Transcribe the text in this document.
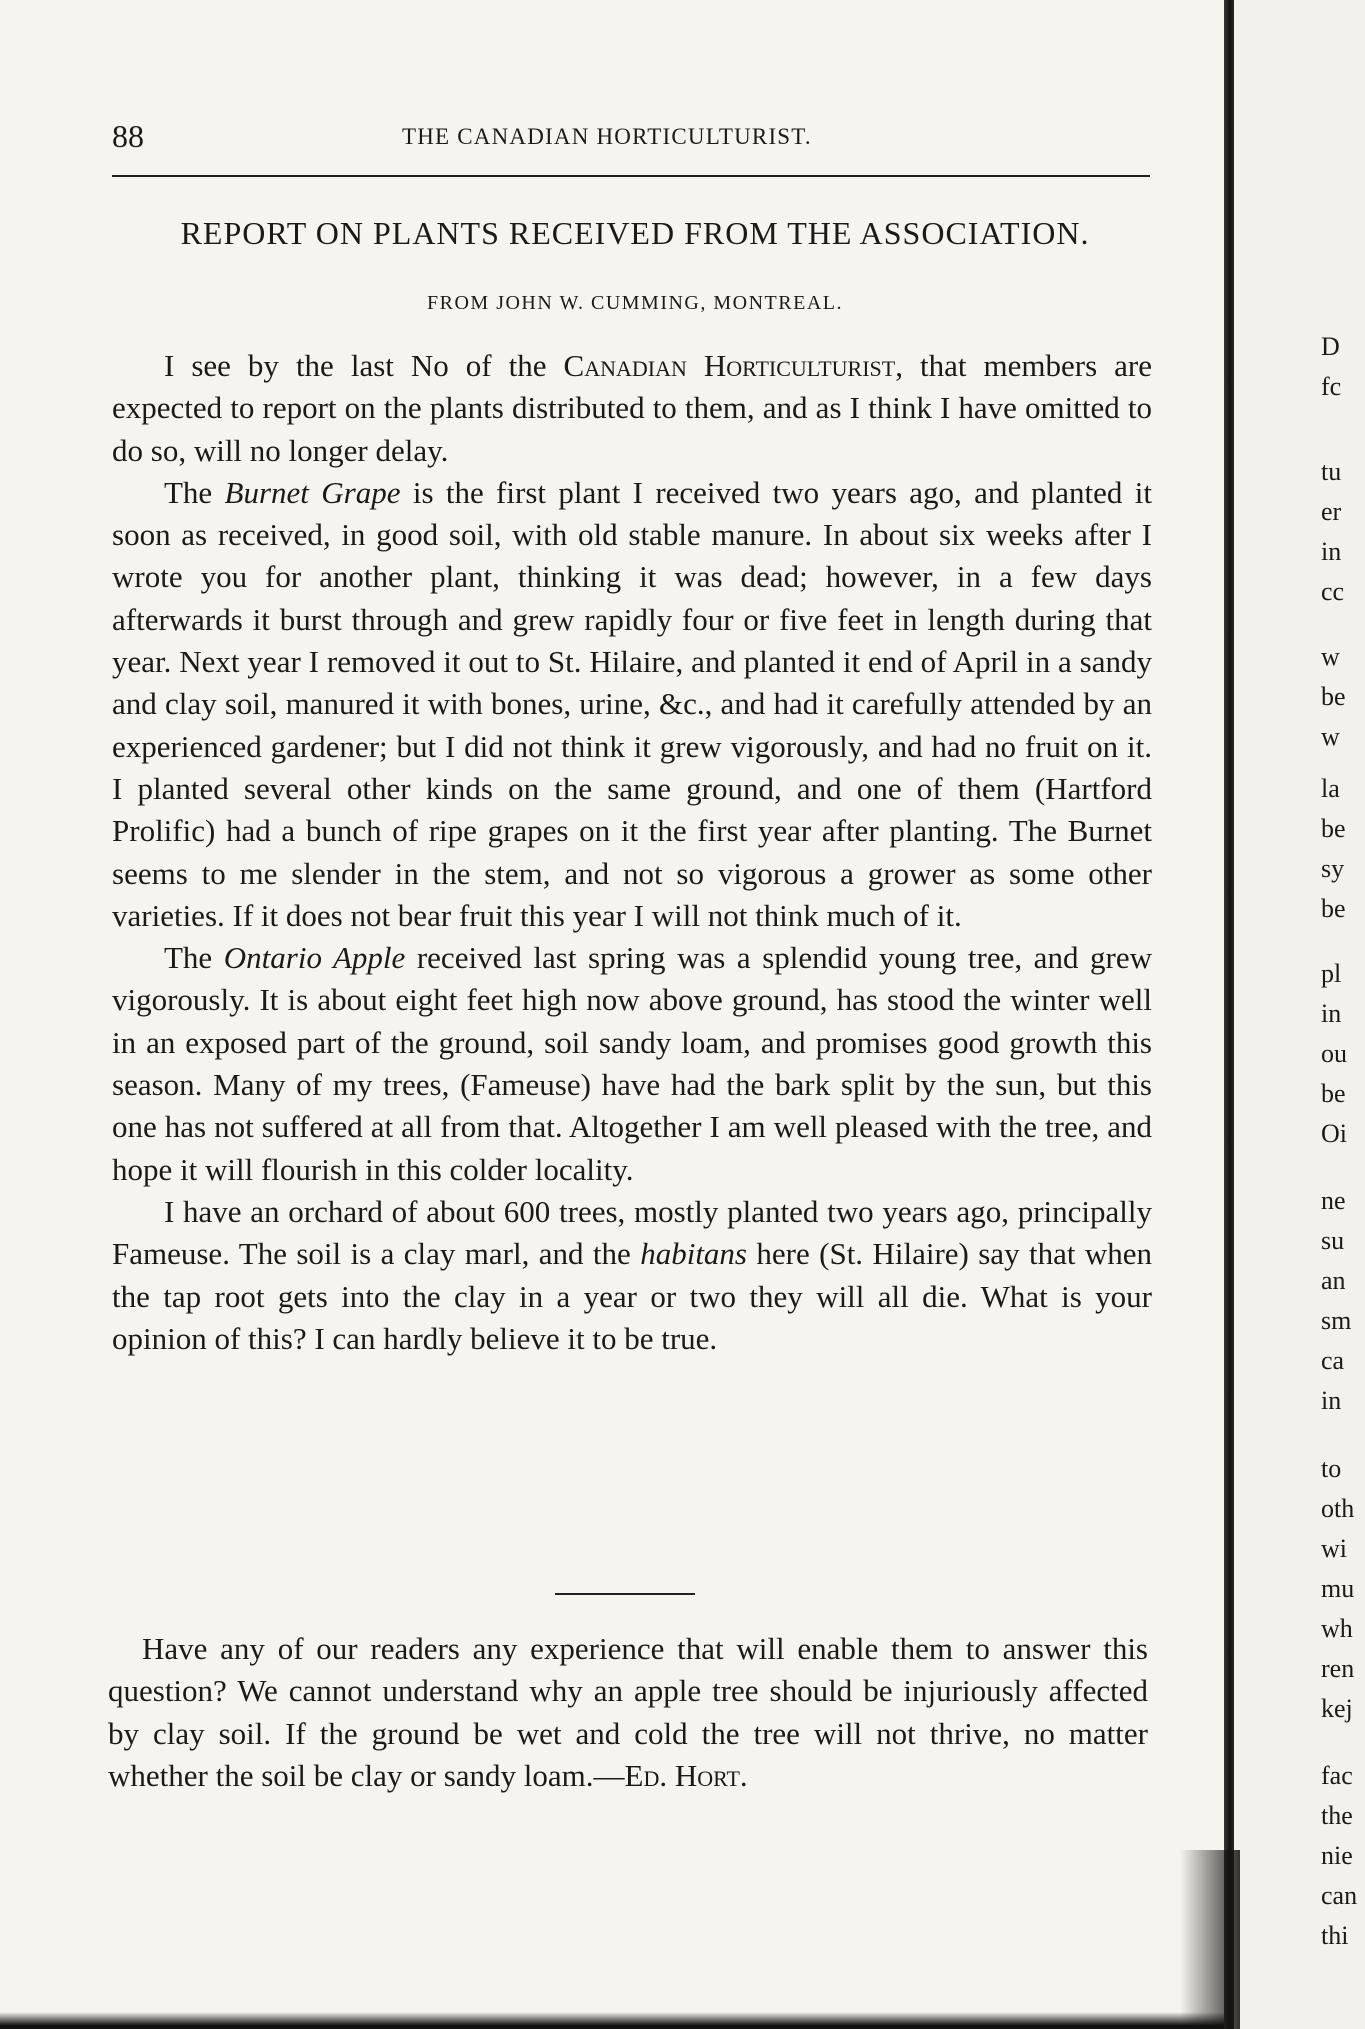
88	THE CANADIAN HORTICULTURIST.
REPORT ON PLANTS RECEIVED FROM THE ASSOCIATION.
FROM JOHN W. CUMMING, MONTREAL.

I see by the last No of the Canadian Horticulturist, that members are expected to report on the plants distributed to them, and as I think I have omitted to do so, will no longer delay.

The Burnet Grape is the first plant I received two years ago, and planted it soon as received, in good soil, with old stable manure. In about six weeks after I wrote you for another plant, thinking it was dead; however, in a few days afterwards it burst through and grew rapidly four or five feet in length during that year. Next year I removed it out to St. Hilaire, and planted it end of April in a sandy and clay soil, manured it with bones, urine, &c., and had it carefully attended by an experienced gardener; but I did not think it grew vigorously, and had no fruit on it. I planted several other kinds on the same ground, and one of them (Hartford Prolific) had a bunch of ripe grapes on it the first year after planting. The Burnet seems to me slender in the stem, and not so vigorous a grower as some other varieties. If it does not bear fruit this year I will not think much of it.

The Ontario Apple received last spring was a splendid young tree, and grew vigorously. It is about eight feet high now above ground, has stood the winter well in an exposed part of the ground, soil sandy loam, and promises good growth this season. Many of my trees, (Fameuse) have had the bark split by the sun, but this one has not suffered at all from that. Altogether I am well pleased with the tree, and hope it will flourish in this colder locality.

I have an orchard of about 600 trees, mostly planted two years ago, principally Fameuse. The soil is a clay marl, and the habitans here (St. Hilaire) say that when the tap root gets into the clay in a year or two they will all die. What is your opinion of this? I can hardly believe it to be true.

Have any of our readers any experience that will enable them to answer this question? We cannot understand why an apple tree should be injuriously affected by clay soil. If the ground be wet and cold the tree will not thrive, no matter whether the soil be clay or sandy loam.—Ed. Hort.

D
fc
tu
er
in
cc
w
be
w
la
be
sy
be
pl
in
ou
be
Oi
ne
su
an
sm
ca
in
to
oth
wi
mu
wh
ren
kej
fac
the
nie
can
thi
